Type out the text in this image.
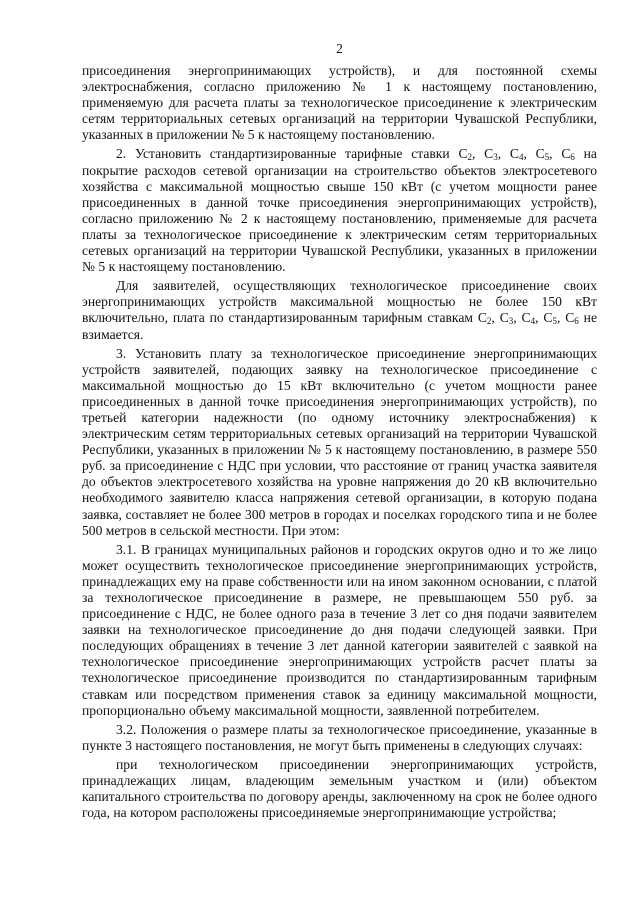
2

присоединения энергопринимающих устройств), и для постоянной схемы электроснабжения, согласно приложению № 1 к настоящему постановлению, применяемую для расчета платы за технологическое присоединение к электрическим сетям территориальных сетевых организаций на территории Чувашской Республики, указанных в приложении № 5 к настоящему постановлению.

2. Установить стандартизированные тарифные ставки $С_2$, $С_3$, $С_4$, $С_5$, $С_6$ на покрытие расходов сетевой организации на строительство объектов электросетевого хозяйства с максимальной мощностью свыше 150 кВт (с учетом мощности ранее присоединенных в данной точке присоединения энергопринимающих устройств), согласно приложению № 2 к настоящему постановлению, применяемые для расчета платы за технологическое присоединение к электрическим сетям территориальных сетевых организаций на территории Чувашской Республики, указанных в приложении № 5 к настоящему постановлению.

Для заявителей, осуществляющих технологическое присоединение своих энергопринимающих устройств максимальной мощностью не более 150 кВт включительно, плата по стандартизированным тарифным ставкам $С_2$, $С_3$, $С_4$, $С_5$, $С_6$ не взимается.

3. Установить плату за технологическое присоединение энергопринимающих устройств заявителей, подающих заявку на технологическое присоединение с максимальной мощностью до 15 кВт включительно (с учетом мощности ранее присоединенных в данной точке присоединения энергопринимающих устройств), по третьей категории надежности (по одному источнику электроснабжения) к электрическим сетям территориальных сетевых организаций на территории Чувашской Республики, указанных в приложении № 5 к настоящему постановлению, в размере 550 руб. за присоединение с НДС при условии, что расстояние от границ участка заявителя до объектов электросетевого хозяйства на уровне напряжения до 20 кВ включительно необходимого заявителю класса напряжения сетевой организации, в которую подана заявка, составляет не более 300 метров в городах и поселках городского типа и не более 500 метров в сельской местности. При этом:

3.1. В границах муниципальных районов и городских округов одно и то же лицо может осуществить технологическое присоединение энергопринимающих устройств, принадлежащих ему на праве собственности или на ином законном основании, с платой за технологическое присоединение в размере, не превышающем 550 руб. за присоединение с НДС, не более одного раза в течение 3 лет со дня подачи заявителем заявки на технологическое присоединение до дня подачи следующей заявки. При последующих обращениях в течение 3 лет данной категории заявителей с заявкой на технологическое присоединение энергопринимающих устройств расчет платы за технологическое присоединение производится по стандартизированным тарифным ставкам или посредством применения ставок за единицу максимальной мощности, пропорционально объему максимальной мощности, заявленной потребителем.

3.2. Положения о размере платы за технологическое присоединение, указанные в пункте 3 настоящего постановления, не могут быть применены в следующих случаях:

при технологическом присоединении энергопринимающих устройств, принадлежащих лицам, владеющим земельным участком и (или) объектом капитального строительства по договору аренды, заключенному на срок не более одного года, на котором расположены присоединяемые энергопринимающие устройства;
